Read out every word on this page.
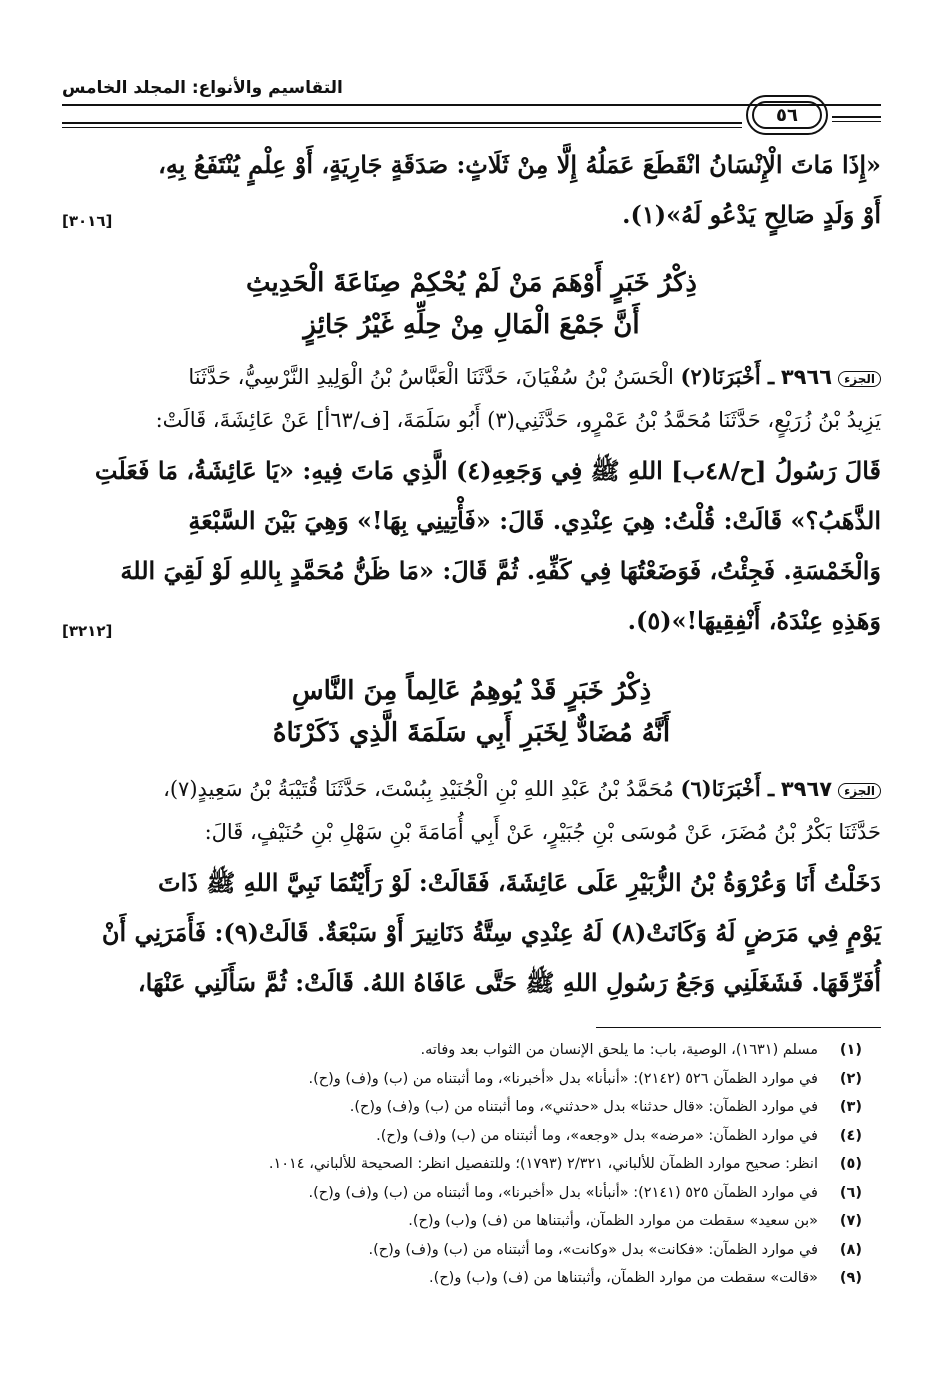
التقاسيم والأنواع: المجلد الخامس
٥٦
«إِذَا مَاتَ الْإِنْسَانُ انْقَطَعَ عَمَلُهُ إِلَّا مِنْ ثَلَاثٍ: صَدَقَةٍ جَارِيَةٍ، أَوْ عِلْمٍ يُنْتَفَعُ بِهِ،
أَوْ وَلَدٍ صَالِحٍ يَدْعُو لَهُ»(١).
[٣٠١٦]
ذِكْرُ خَبَرٍ أَوْهَمَ مَنْ لَمْ يُحْكِمْ صِنَاعَةَ الْحَدِيثِ
أَنَّ جَمْعَ الْمَالِ مِنْ حِلِّهِ غَيْرُ جَائِزٍ
الجزء٣٩٦٦ ـ أَخْبَرَنَا(٢) الْحَسَنُ بْنُ سُفْيَانَ، حَدَّثَنَا الْعَبَّاسُ بْنُ الْوَلِيدِ النَّرْسِيُّ، حَدَّثَنَا
يَزِيدُ بْنُ زُرَيْعٍ، حَدَّثَنَا مُحَمَّدُ بْنُ عَمْرٍو، حَدَّثَنِي(٣) أَبُو سَلَمَةَ، [ف/٦٣أ] عَنْ عَائِشَةَ، قَالَتْ:
قَالَ رَسُولُ [ح/٤٨ب] اللهِ ﷺ فِي وَجَعِهِ(٤) الَّذِي مَاتَ فِيهِ: «يَا عَائِشَةُ، مَا فَعَلَتِ
الذَّهَبُ؟» قَالَتْ: قُلْتُ: هِيَ عِنْدِي. قَالَ: «فَأْتِينِي بِهَا!» وَهِيَ بَيْنَ السَّبْعَةِ
وَالْخَمْسَةِ. فَجِئْتُ، فَوَضَعْتُهَا فِي كَفِّهِ. ثُمَّ قَالَ: «مَا ظَنُّ مُحَمَّدٍ بِاللهِ لَوْ لَقِيَ اللهَ
وَهَذِهِ عِنْدَهُ، أَنْفِقِيهَا!»(٥).
[٣٢١٢]
ذِكْرُ خَبَرٍ قَدْ يُوهِمُ عَالِماً مِنَ النَّاسِ
أَنَّهُ مُضَادٌّ لِخَبَرِ أَبِي سَلَمَةَ الَّذِي ذَكَرْنَاهُ
الجزء٣٩٦٧ ـ أَخْبَرَنَا(٦) مُحَمَّدُ بْنُ عَبْدِ اللهِ بْنِ الْجُنَيْدِ بِبُسْتَ، حَدَّثَنَا قُتَيْبَةُ بْنُ سَعِيدٍ(٧)،
حَدَّثَنَا بَكْرُ بْنُ مُضَرَ، عَنْ مُوسَى بْنِ جُبَيْرٍ، عَنْ أَبِي أُمَامَةَ بْنِ سَهْلِ بْنِ حُنَيْفٍ، قَالَ:
دَخَلْتُ أَنَا وَعُرْوَةُ بْنُ الزُّبَيْرِ عَلَى عَائِشَةَ، فَقَالَتْ: لَوْ رَأَيْتُمَا نَبِيَّ اللهِ ﷺ ذَاتَ
يَوْمٍ فِي مَرَضٍ لَهُ وَكَانَتْ(٨) لَهُ عِنْدِي سِتَّةُ دَنَانِيرَ أَوْ سَبْعَةٌ. قَالَتْ(٩): فَأَمَرَنِي أَنْ
أُفَرِّقَهَا. فَشَغَلَنِي وَجَعُ رَسُولِ اللهِ ﷺ حَتَّى عَافَاهُ اللهُ. قَالَتْ: ثُمَّ سَأَلَنِي عَنْهَا،
(١)مسلم (١٦٣١)، الوصية، باب: ما يلحق الإنسان من الثواب بعد وفاته.
(٢)في موارد الظمآن ٥٢٦ (٢١٤٢): «أنبأنا» بدل «أخبرنا»، وما أثبتناه من (ب) و(ف) و(ح).
(٣)في موارد الظمآن: «قال حدثنا» بدل «حدثني»، وما أثبتناه من (ب) و(ف) و(ح).
(٤)في موارد الظمآن: «مرضه» بدل «وجعه»، وما أثبتناه من (ب) و(ف) و(ح).
(٥)انظر: صحيح موارد الظمآن للألباني، ٢/٣٢١ (١٧٩٣)؛ وللتفصيل انظر: الصحيحة للألباني، ١٠١٤.
(٦)في موارد الظمآن ٥٢٥ (٢١٤١): «أنبأنا» بدل «أخبرنا»، وما أثبتناه من (ب) و(ف) و(ح).
(٧)«بن سعيد» سقطت من موارد الظمآن، وأثبتناها من (ف) و(ب) و(ح).
(٨)في موارد الظمآن: «فكانت» بدل «وكانت»، وما أثبتناه من (ب) و(ف) و(ح).
(٩)«قالت» سقطت من موارد الظمآن، وأثبتناها من (ف) و(ب) و(ح).
